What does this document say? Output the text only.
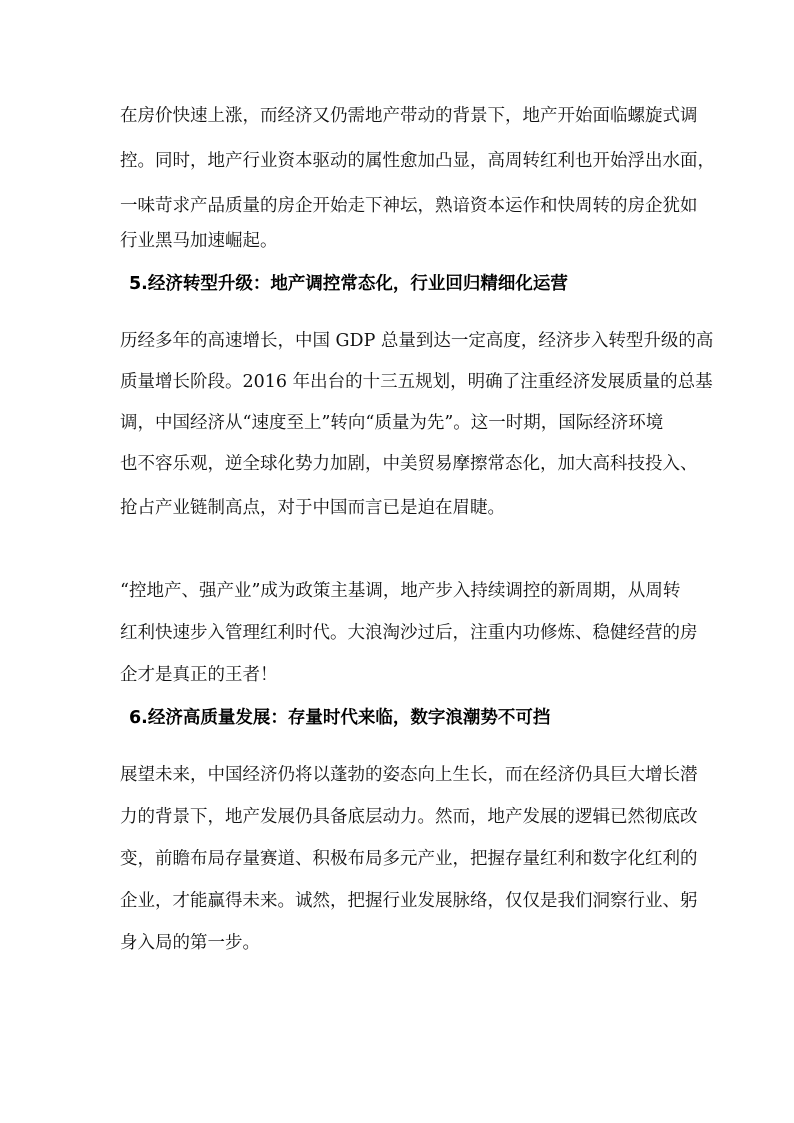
在房价快速上涨，而经济又仍需地产带动的背景下，地产开始面临螺旋式调
控。同时，地产行业资本驱动的属性愈加凸显，高周转红利也开始浮出水面，
一味苛求产品质量的房企开始走下神坛，熟谙资本运作和快周转的房企犹如
行业黑马加速崛起。
5.经济转型升级：地产调控常态化，行业回归精细化运营
历经多年的高速增长，中国 GDP 总量到达一定高度，经济步入转型升级的高
质量增长阶段。2016 年出台的十三五规划，明确了注重经济发展质量的总基
调，中国经济从“速度至上”转向“质量为先”。这一时期，国际经济环境
也不容乐观，逆全球化势力加剧，中美贸易摩擦常态化，加大高科技投入、
抢占产业链制高点，对于中国而言已是迫在眉睫。
“控地产、强产业”成为政策主基调，地产步入持续调控的新周期，从周转
红利快速步入管理红利时代。大浪淘沙过后，注重内功修炼、稳健经营的房
企才是真正的王者！
6.经济高质量发展：存量时代来临，数字浪潮势不可挡
展望未来，中国经济仍将以蓬勃的姿态向上生长，而在经济仍具巨大增长潜
力的背景下，地产发展仍具备底层动力。然而，地产发展的逻辑已然彻底改
变，前瞻布局存量赛道、积极布局多元产业，把握存量红利和数字化红利的
企业，才能赢得未来。诚然，把握行业发展脉络，仅仅是我们洞察行业、躬
身入局的第一步。
